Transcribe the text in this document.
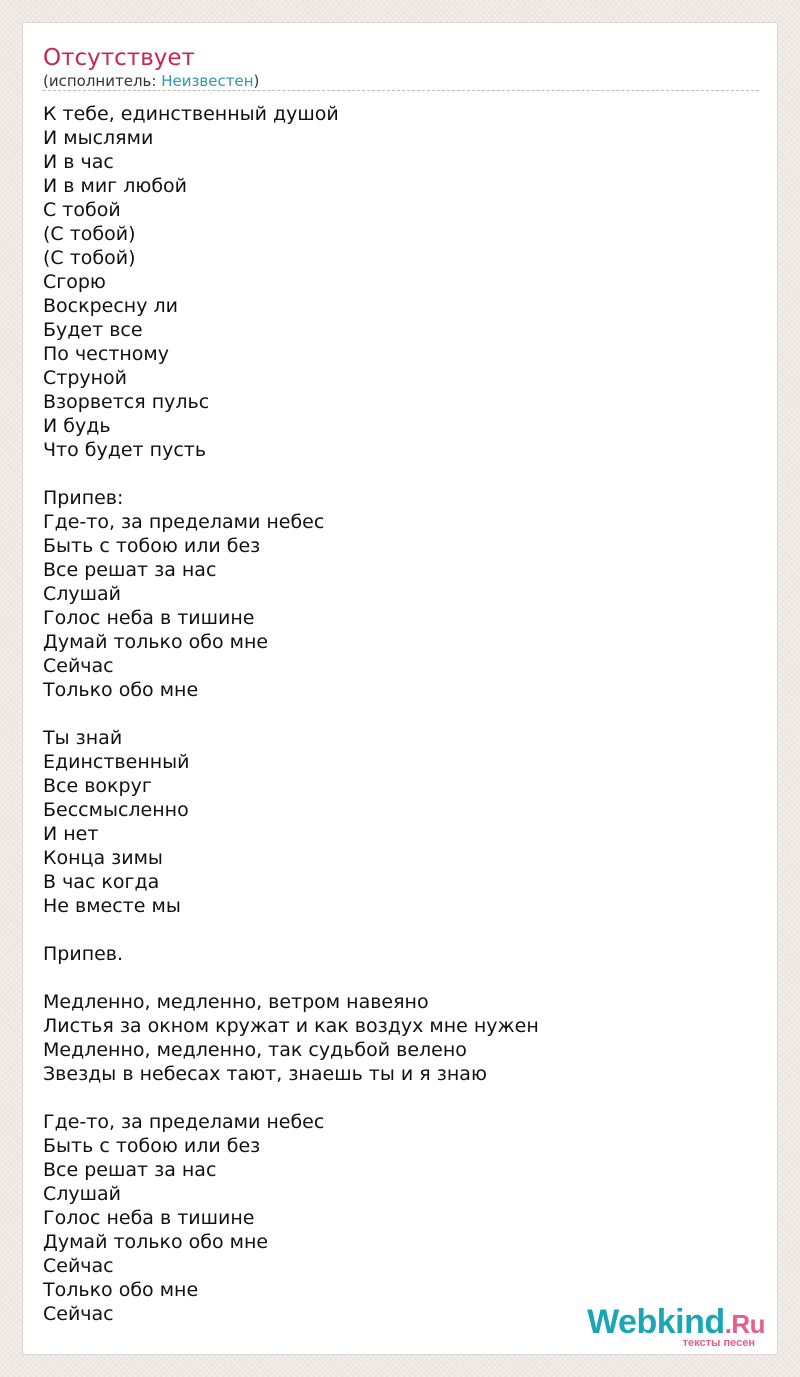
Отсутствует
(исполнитель: Неизвестен)
К тебе, единственный душой
И мыслями
И в час
И в миг любой
С тобой
(С тобой)
(С тобой)
Сгорю
Воскресну ли
Будет все
По честному
Струной
Взорвется пульс
И будь
Что будет пусть

Припев:
Где-то, за пределами небес
Быть с тобою или без
Все решат за нас
Слушай
Голос неба в тишине
Думай только обо мне
Сейчас
Только обо мне

Ты знай
Единственный
Все вокруг
Бессмысленно
И нет
Конца зимы
В час когда
Не вместе мы

Припев.

Медленно, медленно, ветром навеяно
Листья за окном кружат и как воздух мне нужен
Медленно, медленно, так судьбой велено
Звезды в небесах тают, знаешь ты и я знаю

Где-то, за пределами небес
Быть с тобою или без
Все решат за нас
Слушай
Голос неба в тишине
Думай только обо мне
Сейчас
Только обо мне
Сейчас	Webkind.Ru
тексты песен
